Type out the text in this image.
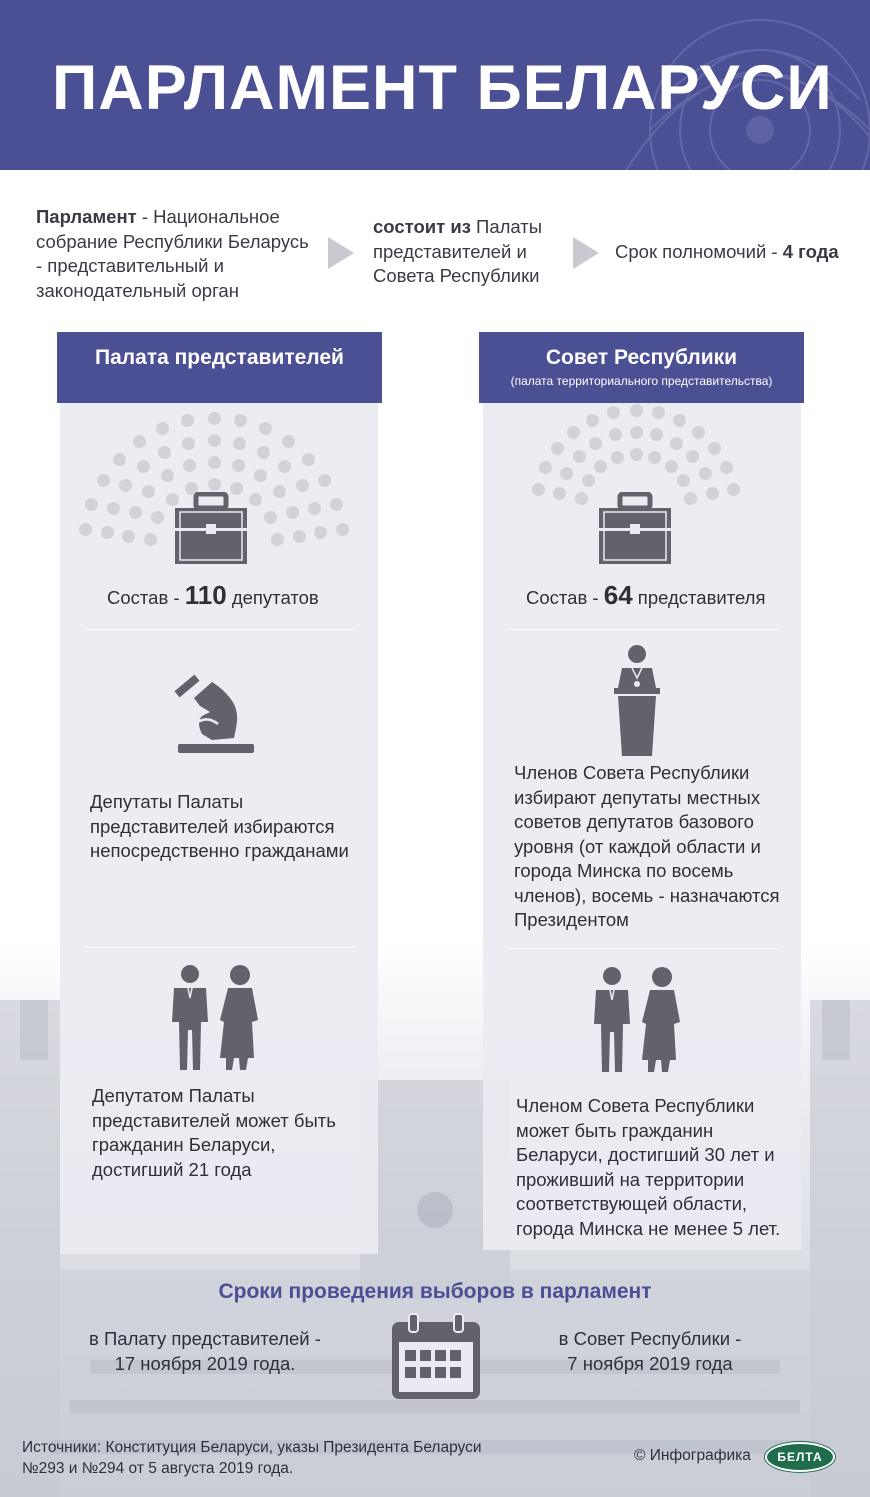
ПАРЛАМЕНТ БЕЛАРУСИ
Парламент - Национальное собрание Республики Беларусь - представительный и законодательный орган
состоит из Палаты представителей и Совета Республики
Срок полномочий - 4 года
Палата представителей
Состав - 110 депутатов
Депутаты Палаты представителей избираются непосредственно гражданами
Депутатом Палаты представителей может быть гражданин Беларуси, достигший 21 года
Совет Республики
(палата территориального представительства)
Состав - 64 представителя
Членов Совета Республики избирают депутаты местных советов депутатов базового уровня (от каждой области и города Минска по восемь членов), восемь - назначаются Президентом
Членом Совета Республики может быть гражданин Беларуси, достигший 30 лет и проживший на территории соответствующей области, города Минска не менее 5 лет.
Сроки проведения выборов в парламент
в Палату представителей -
17 ноября 2019 года.
в Совет Республики -
7 ноября 2019 года
Источники: Конституция Беларуси, указы Президента Беларуси
№293 и №294 от 5 августа 2019 года.
© Инфографика	БЕЛТА
